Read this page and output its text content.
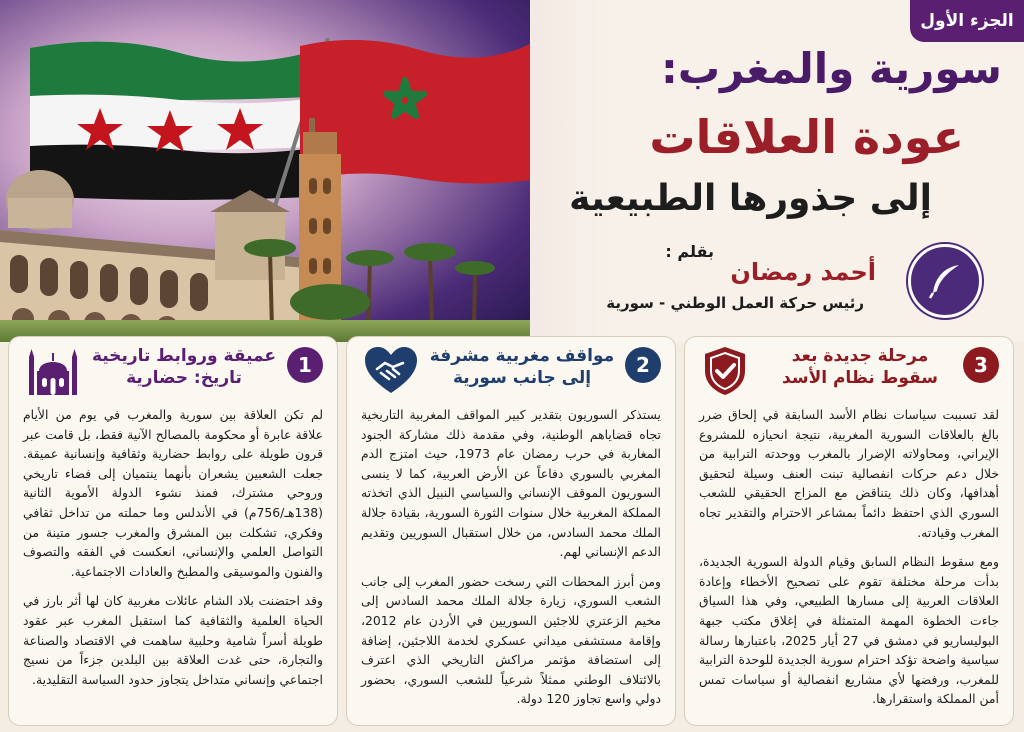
الجزء الأول
سورية والمغرب:
عودة العلاقات
إلى جذورها الطبيعية
بقلم :
أحمد رمضان
رئيس حركة العمل الوطني - سورية
3
مرحلة جديدة بعد سقوط نظام الأسد

لقد تسببت سياسات نظام الأسد السابقة في إلحاق ضرر بالغ بالعلاقات السورية المغربية، نتيجة انحيازه للمشروع الإيراني، ومحاولاته الإضرار بالمغرب ووحدته الترابية من خلال دعم حركات انفصالية تبنت العنف وسيلة لتحقيق أهدافها، وكان ذلك يتناقض مع المزاج الحقيقي للشعب السوري الذي احتفظ دائماً بمشاعر الاحترام والتقدير تجاه المغرب وقيادته.

ومع سقوط النظام السابق وقيام الدولة السورية الجديدة، بدأت مرحلة مختلفة تقوم على تصحيح الأخطاء وإعادة العلاقات العربية إلى مسارها الطبيعي، وفي هذا السياق جاءت الخطوة المهمة المتمثلة في إغلاق مكتب جبهة البوليساريو في دمشق في 27 أيار 2025، باعتبارها رسالة سياسية واضحة تؤكد احترام سورية الجديدة للوحدة الترابية للمغرب، ورفضها لأي مشاريع انفصالية أو سياسات تمس أمن المملكة واستقرارها.

2
مواقف مغربية مشرفة إلى جانب سورية

يستذكر السوريون بتقدير كبير المواقف المغربية التاريخية تجاه قضاياهم الوطنية، وفي مقدمة ذلك مشاركة الجنود المغاربة في حرب رمضان عام 1973، حيث امتزج الدم المغربي بالسوري دفاعاً عن الأرض العربية، كما لا ينسى السوريون الموقف الإنساني والسياسي النبيل الذي اتخذته المملكة المغربية خلال سنوات الثورة السورية، بقيادة جلالة الملك محمد السادس، من خلال استقبال السوريين وتقديم الدعم الإنساني لهم.

ومن أبرز المحطات التي رسخت حضور المغرب إلى جانب الشعب السوري، زيارة جلالة الملك محمد السادس إلى مخيم الزعتري للاجئين السوريين في الأردن عام 2012، وإقامة مستشفى ميداني عسكري لخدمة اللاجئين، إضافة إلى استضافة مؤتمر مراكش التاريخي الذي اعترف بالائتلاف الوطني ممثلاً شرعياً للشعب السوري، بحضور دولي واسع تجاوز 120 دولة.

1
عميقة وروابط تاريخية تاريخ: حضارية

لم تكن العلاقة بين سورية والمغرب في يوم من الأيام علاقة عابرة أو محكومة بالمصالح الآنية فقط، بل قامت عبر قرون طويلة على روابط حضارية وثقافية وإنسانية عميقة. جعلت الشعبين يشعران بأنهما ينتميان إلى فضاء تاريخي وروحي مشترك، فمنذ نشوء الدولة الأموية الثانية (138هـ/756م) في الأندلس وما حملته من تداخل ثقافي وفكري، تشكلت بين المشرق والمغرب جسور متينة من التواصل العلمي والإنساني، انعكست في الفقه والتصوف والفنون والموسيقى والمطبخ والعادات الاجتماعية.

وقد احتضنت بلاد الشام عائلات مغربية كان لها أثر بارز في الحياة العلمية والثقافية كما استقبل المغرب عبر عقود طويلة أسراً شامية وحلبية ساهمت في الاقتصاد والصناعة والتجارة، حتى غدت العلاقة بين البلدين جزءاً من نسيج اجتماعي وإنساني متداخل يتجاوز حدود السياسة التقليدية.
